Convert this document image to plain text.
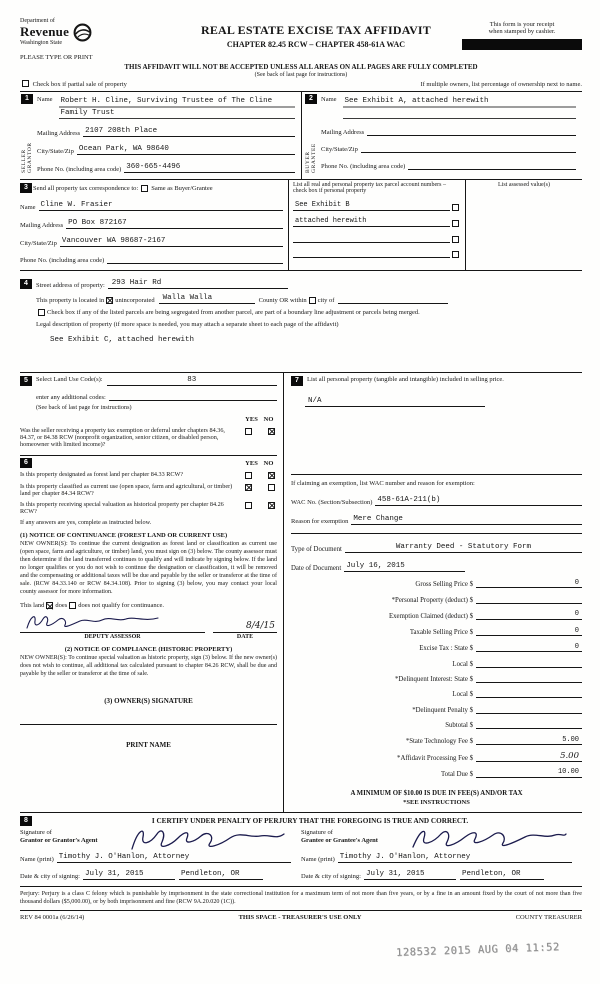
Department of
Revenue
Washington State
PLEASE TYPE OR PRINT
REAL ESTATE EXCISE TAX AFFIDAVIT
CHAPTER 82.45 RCW – CHAPTER 458-61A WAC
This form is your receipt
when stamped by cashier.
THIS AFFIDAVIT WILL NOT BE ACCEPTED UNLESS ALL AREAS ON ALL PAGES ARE FULLY COMPLETED
(See back of last page for instructions)
Check box if partial sale of property	If multiple owners, list percentage of ownership next to name.
1
SELLER GRANTOR
Name	Robert H. Cline, Surviving Trustee of The Cline Family Trust
Mailing Address 2107 208th Place
City/State/Zip Ocean Park, WA 98640
Phone No. (including area code) 360-665-4496
2
BUYER GRANTEE
Name	See Exhibit A, attached herewith
Mailing Address
City/State/Zip
Phone No. (including area code)
3 Send all property tax correspondence to: Same as Buyer/Grantee
Name Cline W. Frasier
Mailing Address PO Box 872167
City/State/Zip Vancouver WA 98687-2167
Phone No. (including area code)
List all real and personal property tax parcel account numbers – check box if personal property
See Exhibit B
attached herewith
List assessed value(s)
4	Street address of property: 293 Hair Rd
This property is located in unincorporated	Walla Walla	County OR within city of
Check box if any of the listed parcels are being segregated from another parcel, are part of a boundary line adjustment or parcels being merged.
Legal description of property (if more space is needed, you may attach a separate sheet to each page of the affidavit)
See Exhibit C, attached herewith
5	Select Land Use Code(s):	83
enter any additional codes:
(See back of last page for instructions)
YES NO
Was the seller receiving a property tax exemption or deferral under chapters 84.36, 84.37, or 84.38 RCW (nonprofit organization, senior citizen, or disabled person, homeowner with limited income)?
6	YES NO
Is this property designated as forest land per chapter 84.33 RCW?
Is this property classified as current use (open space, farm and agricultural, or timber) land per chapter 84.34 RCW?
Is this property receiving special valuation as historical property per chapter 84.26 RCW?
If any answers are yes, complete as instructed below.
(1) NOTICE OF CONTINUANCE (FOREST LAND OR CURRENT USE)
NEW OWNER(S): To continue the current designation as forest land or classification as current use (open space, farm and agriculture, or timber) land, you must sign on (3) below. The county assessor must then determine if the land transferred continues to qualify and will indicate by signing below. If the land no longer qualifies or you do not wish to continue the designation or classification, it will be removed and the compensating or additional taxes will be due and payable by the seller or transferor at the time of sale. (RCW 84.33.140 or RCW 84.34.108). Prior to signing (3) below, you may contact your local county assessor for more information.
This land does does not qualify for continuance.
8/4/15
DEPUTY ASSESSOR	DATE
(2) NOTICE OF COMPLIANCE (HISTORIC PROPERTY)
NEW OWNER(S): To continue special valuation as historic property, sign (3) below. If the new owner(s) does not wish to continue, all additional tax calculated pursuant to chapter 84.26 RCW, shall be due and payable by the seller or transferor at the time of sale.
(3) OWNER(S) SIGNATURE
PRINT NAME
7	List all personal property (tangible and intangible) included in selling price.
N/A
If claiming an exemption, list WAC number and reason for exemption:
WAC No. (Section/Subsection) 458-61A-211(b)
Reason for exemption Mere Change
Type of Document	Warranty Deed - Statutory Form
Date of Document July 16, 2015
Gross Selling Price $	0
*Personal Property (deduct) $
Exemption Claimed (deduct) $	0
Taxable Selling Price $	0
Excise Tax : State $	0
Local $
*Delinquent Interest: State $
Local $
*Delinquent Penalty $
Subtotal $
*State Technology Fee $	5.00
*Affidavit Processing Fee $	5.00
Total Due $	10.00
A MINIMUM OF $10.00 IS DUE IN FEE(S) AND/OR TAX
*SEE INSTRUCTIONS
8	I CERTIFY UNDER PENALTY OF PERJURY THAT THE FOREGOING IS TRUE AND CORRECT.
Signature of
Grantor or Grantor's Agent
Name (print) Timothy J. O'Hanlon, Attorney
Date & city of signing: July 31, 2015	Pendleton, OR
Signature of
Grantee or Grantee's Agent
Name (print) Timothy J. O'Hanlon, Attorney
Date & city of signing: July 31, 2015	Pendleton, OR
Perjury: Perjury is a class C felony which is punishable by imprisonment in the state correctional institution for a maximum term of not more than five years, or by a fine in an amount fixed by the court of not more than five thousand dollars ($5,000.00), or by both imprisonment and fine (RCW 9A.20.020 (1C)).
REV 84 0001a (6/26/14)	THIS SPACE - TREASURER'S USE ONLY	COUNTY TREASURER
128532 2015 AUG 04 11:52
